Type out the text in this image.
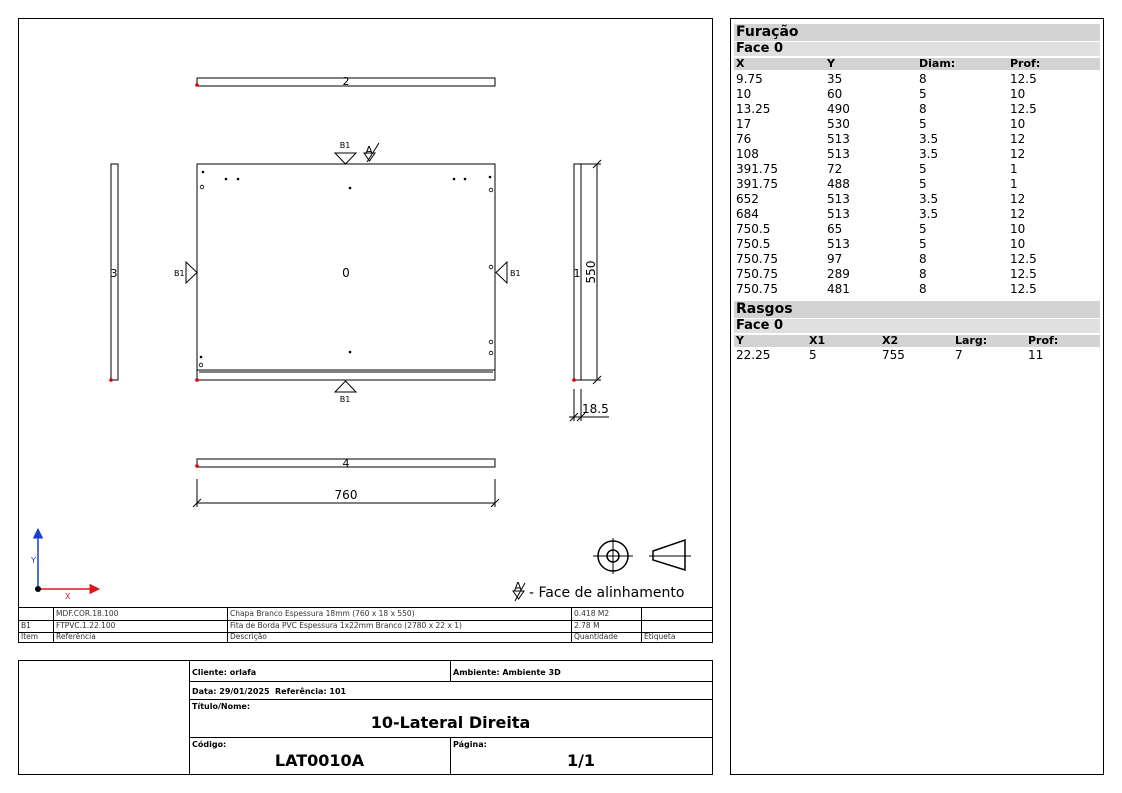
2
3	0
B1
B1
B1	B1
A
1 550
18.5
4
760
Y
X
A - Face de alinhamento
MDF.COR.18.100	Chapa Branco Espessura 18mm (760 x 18 x 550)	0.418 M2
B1	FTPVC.1.22.100	Fita de Borda PVC Espessura 1x22mm Branco (2780 x 22 x 1)	2.78 M
Item	Referência	Descrição	Quantidade	Etiqueta
Cliente: orlafa	Ambiente: Ambiente 3D
Data: 29/01/2025 Referência: 101
Título/Nome:
10-Lateral Direita
Código:
LAT0010A
Página:
1/1
Furação
Face 0
X	Y	Diam:	Prof:
9.75	35	8	12.5
10	60	5	10
13.25	490	8	12.5
17	530	5	10
76	513	3.5	12
108	513	3.5	12
391.75	72	5	1
391.75	488	5	1
652	513	3.5	12
684	513	3.5	12
750.5	65	5	10
750.5	513	5	10
750.75	97	8	12.5
750.75	289	8	12.5
750.75	481	8	12.5
Rasgos
Face 0
Y	X1	X2	Larg:	Prof:
22.25	5	755	7	11
